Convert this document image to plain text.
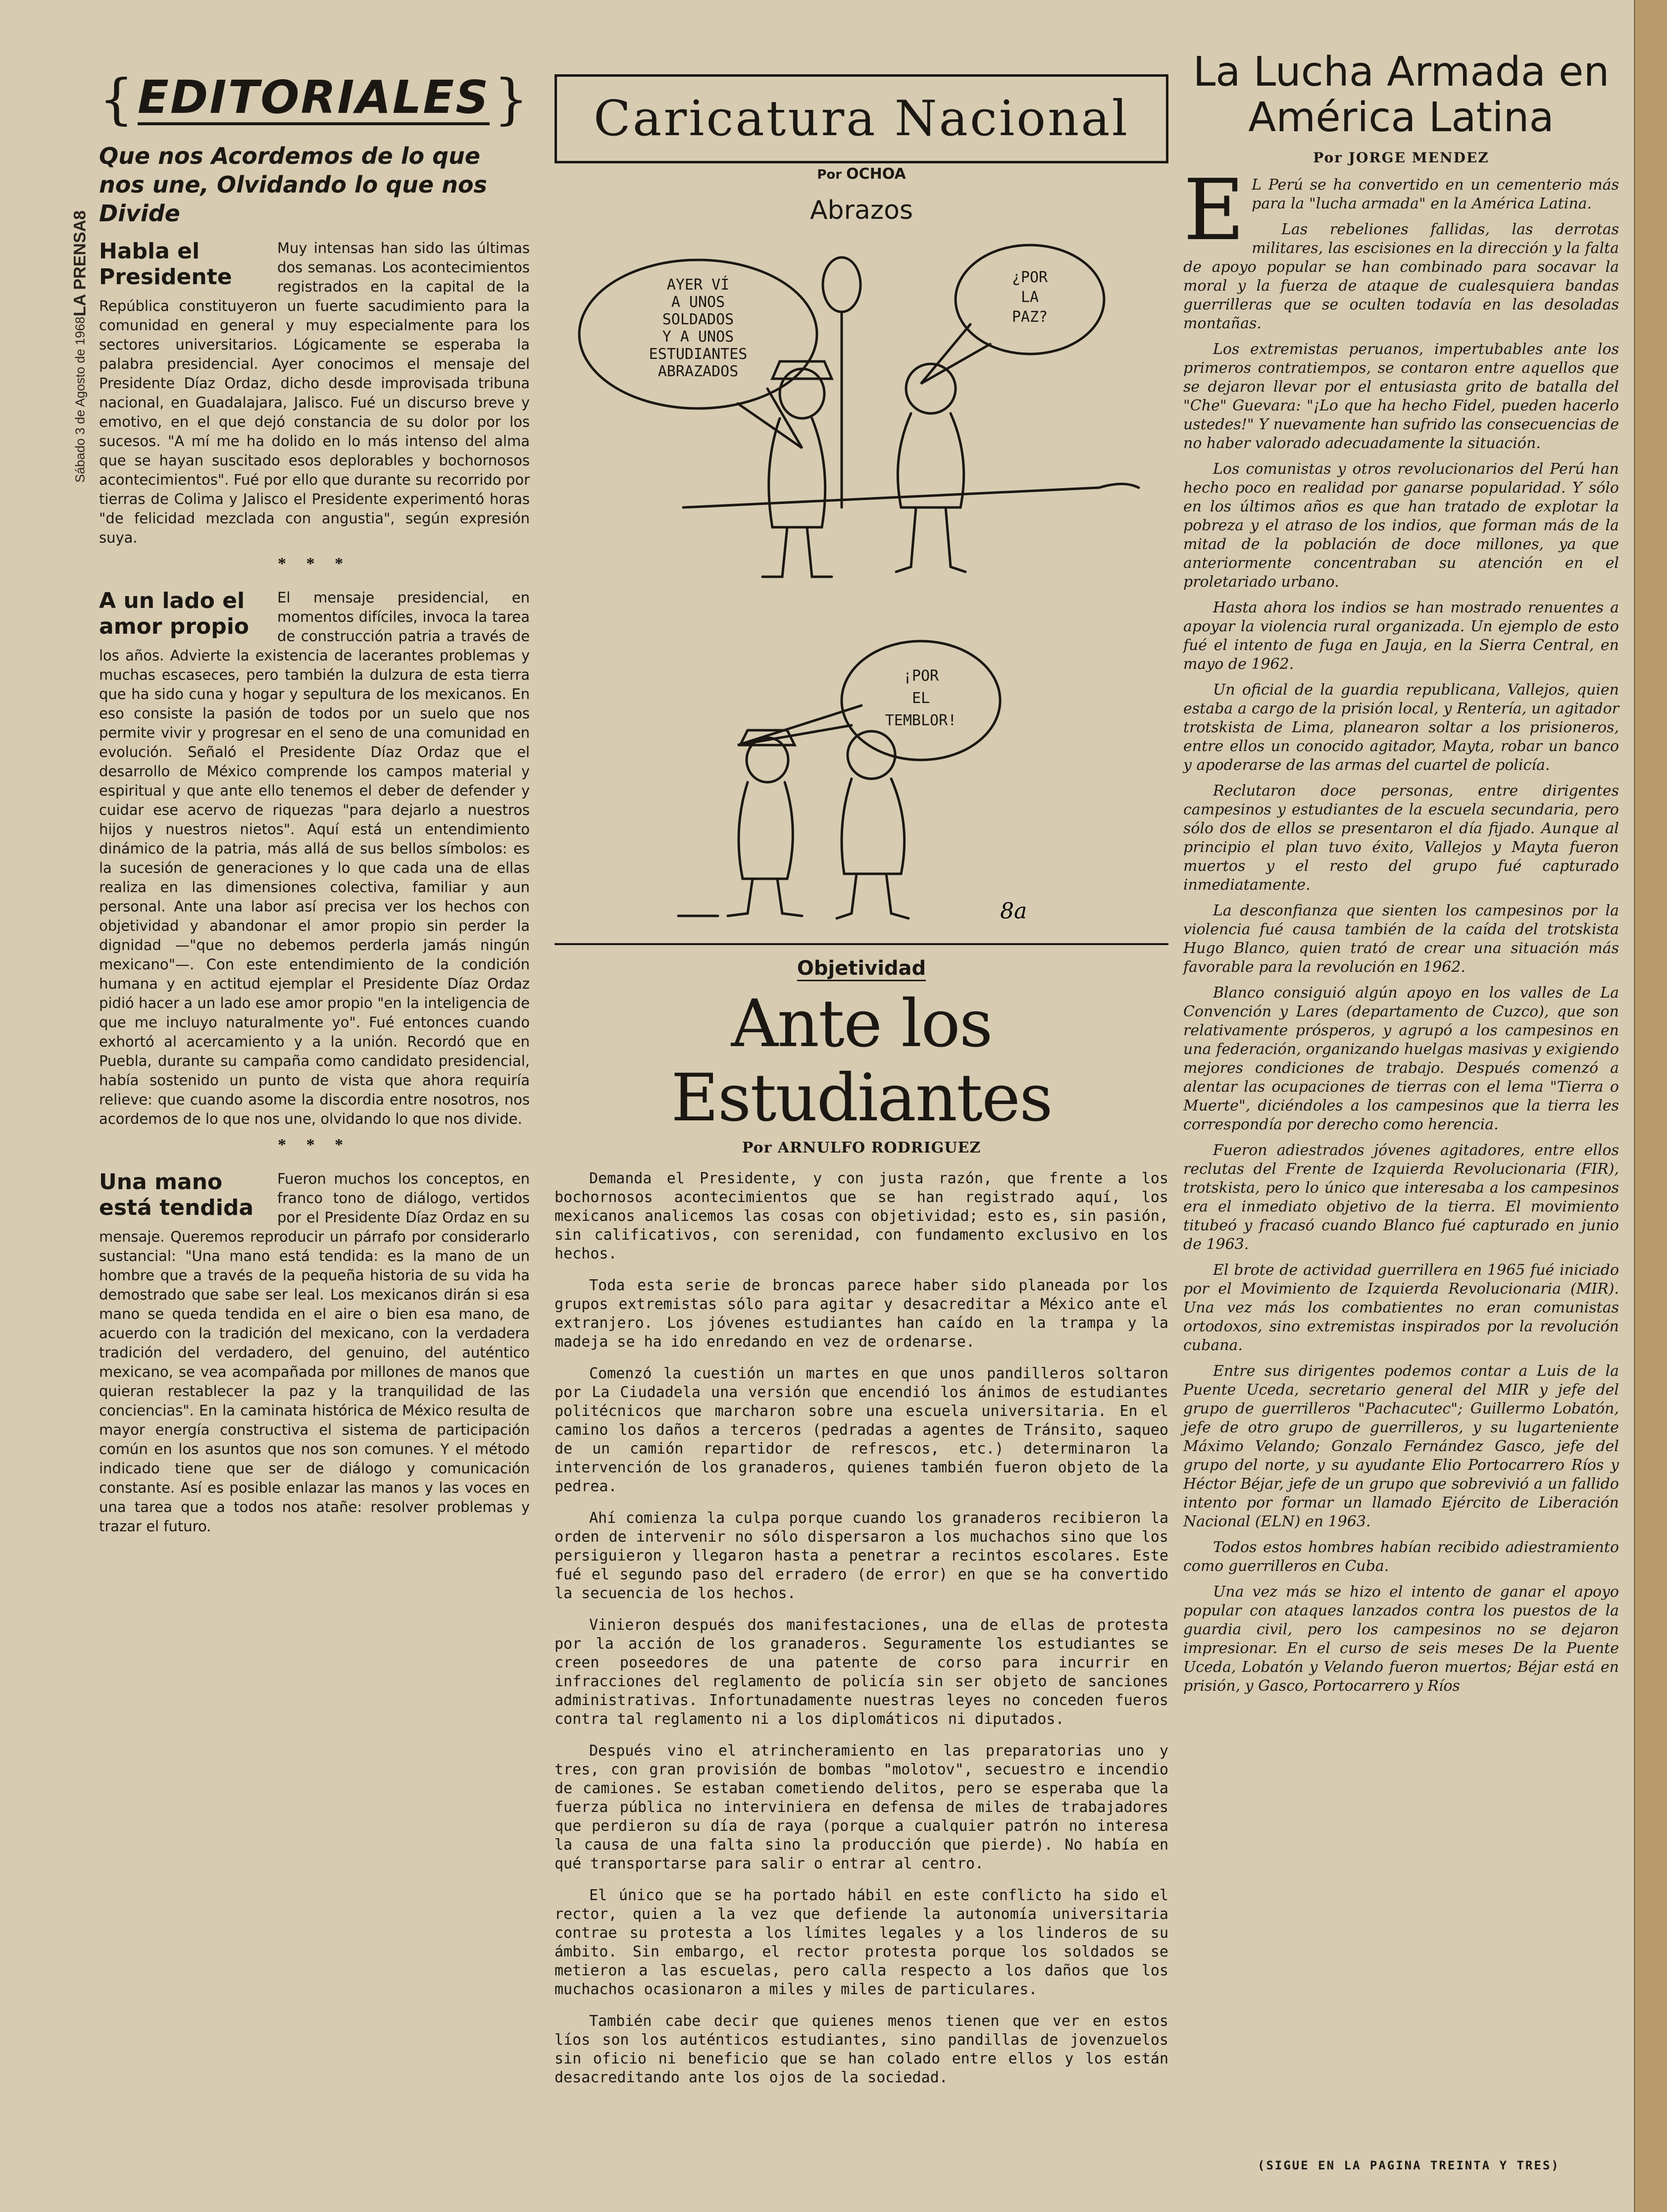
Sábado 3 de Agosto de 1968
LA PRENSA
8
{ EDITORIALES }
Que nos Acordemos de lo que nos une, Olvidando lo que nos Divide
Habla el
Presidente

Muy intensas han sido las últimas dos semanas. Los acontecimientos registrados en la capital de la República constituyeron un fuerte sacudimiento para la comunidad en general y muy especialmente para los sectores universitarios. Lógicamente se esperaba la palabra presidencial. Ayer conocimos el mensaje del Presidente Díaz Ordaz, dicho desde improvisada tribuna nacional, en Guadalajara, Jalisco. Fué un discurso breve y emotivo, en el que dejó constancia de su dolor por los sucesos. "A mí me ha dolido en lo más intenso del alma que se hayan suscitado esos deplorables y bochornosos acontecimientos". Fué por ello que durante su recorrido por tierras de Colima y Jalisco el Presidente experimentó horas "de felicidad mezclada con angustia", según expresión suya.

* * *
A un lado el
amor propio

El mensaje presidencial, en momentos difíciles, invoca la tarea de construcción patria a través de los años. Advierte la existencia de lacerantes problemas y muchas escaseces, pero también la dulzura de esta tierra que ha sido cuna y hogar y sepultura de los mexicanos. En eso consiste la pasión de todos por un suelo que nos permite vivir y progresar en el seno de una comunidad en evolución. Señaló el Presidente Díaz Ordaz que el desarrollo de México comprende los campos material y espiritual y que ante ello tenemos el deber de defender y cuidar ese acervo de riquezas "para dejarlo a nuestros hijos y nuestros nietos". Aquí está un entendimiento dinámico de la patria, más allá de sus bellos símbolos: es la sucesión de generaciones y lo que cada una de ellas realiza en las dimensiones colectiva, familiar y aun personal. Ante una labor así precisa ver los hechos con objetividad y abandonar el amor propio sin perder la dignidad —"que no debemos perderla jamás ningún mexicano"—. Con este entendimiento de la condición humana y en actitud ejemplar el Presidente Díaz Ordaz pidió hacer a un lado ese amor propio "en la inteligencia de que me incluyo naturalmente yo". Fué entonces cuando exhortó al acercamiento y a la unión. Recordó que en Puebla, durante su campaña como candidato presidencial, había sostenido un punto de vista que ahora requiría relieve: que cuando asome la discordia entre nosotros, nos acordemos de lo que nos une, olvidando lo que nos divide.

* * *
Una mano
está tendida

Fueron muchos los conceptos, en franco tono de diálogo, vertidos por el Presidente Díaz Ordaz en su mensaje. Queremos reproducir un párrafo por considerarlo sustancial: "Una mano está tendida: es la mano de un hombre que a través de la pequeña historia de su vida ha demostrado que sabe ser leal. Los mexicanos dirán si esa mano se queda tendida en el aire o bien esa mano, de acuerdo con la tradición del mexicano, con la verdadera tradición del verdadero, del genuino, del auténtico mexicano, se vea acompañada por millones de manos que quieran restablecer la paz y la tranquilidad de las conciencias". En la caminata histórica de México resulta de mayor energía constructiva el sistema de participación común en los asuntos que nos son comunes. Y el método indicado tiene que ser de diálogo y comunicación constante. Así es posible enlazar las manos y las voces en una tarea que a todos nos atañe: resolver problemas y trazar el futuro.

Caricatura Nacional
Por OCHOA
Abrazos
AYER VÍ
A UNOS
SOLDADOS
Y A UNOS
ESTUDIANTES
ABRAZADOS
¿POR
LA
PAZ?
¡POR
EL
TEMBLOR!
8a
Objetividad
Ante los Estudiantes
Por ARNULFO RODRIGUEZ

Demanda el Presidente, y con justa razón, que frente a los bochornosos acontecimientos que se han registrado aquí, los mexicanos analicemos las cosas con objetividad; esto es, sin pasión, sin calificativos, con serenidad, con fundamento exclusivo en los hechos.

Toda esta serie de broncas parece haber sido planeada por los grupos extremistas sólo para agitar y desacreditar a México ante el extranjero. Los jóvenes estudiantes han caído en la trampa y la madeja se ha ido enredando en vez de ordenarse.

Comenzó la cuestión un martes en que unos pandilleros soltaron por La Ciudadela una versión que encendió los ánimos de estudiantes politécnicos que marcharon sobre una escuela universitaria. En el camino los daños a terceros (pedradas a agentes de Tránsito, saqueo de un camión repartidor de refrescos, etc.) determinaron la intervención de los granaderos, quienes también fueron objeto de la pedrea.

Ahí comienza la culpa porque cuando los granaderos recibieron la orden de intervenir no sólo dispersaron a los muchachos sino que los persiguieron y llegaron hasta a penetrar a recintos escolares. Este fué el segundo paso del erradero (de error) en que se ha convertido la secuencia de los hechos.

Vinieron después dos manifestaciones, una de ellas de protesta por la acción de los granaderos. Seguramente los estudiantes se creen poseedores de una patente de corso para incurrir en infracciones del reglamento de policía sin ser objeto de sanciones administrativas. Infortunadamente nuestras leyes no conceden fueros contra tal reglamento ni a los diplomáticos ni diputados.

Después vino el atrincheramiento en las preparatorias uno y tres, con gran provisión de bombas "molotov", secuestro e incendio de camiones. Se estaban cometiendo delitos, pero se esperaba que la fuerza pública no interviniera en defensa de miles de trabajadores que perdieron su día de raya (porque a cualquier patrón no interesa la causa de una falta sino la producción que pierde). No había en qué transportarse para salir o entrar al centro.

El único que se ha portado hábil en este conflicto ha sido el rector, quien a la vez que defiende la autonomía universitaria contrae su protesta a los límites legales y a los linderos de su ámbito. Sin embargo, el rector protesta porque los soldados se metieron a las escuelas, pero calla respecto a los daños que los muchachos ocasionaron a miles y miles de particulares.

También cabe decir que quienes menos tienen que ver en estos líos son los auténticos estudiantes, sino pandillas de jovenzuelos sin oficio ni beneficio que se han colado entre ellos y los están desacreditando ante los ojos de la sociedad.

La Lucha Armada en América Latina
Por JORGE MENDEZ

E L Perú se ha convertido en un cementerio más para la "lucha armada" en la América Latina.

Las rebeliones fallidas, las derrotas militares, las escisiones en la dirección y la falta de apoyo popular se han combinado para socavar la moral y la fuerza de ataque de cualesquiera bandas guerrilleras que se oculten todavía en las desoladas montañas.

Los extremistas peruanos, impertubables ante los primeros contratiempos, se contaron entre aquellos que se dejaron llevar por el entusiasta grito de batalla del "Che" Guevara: "¡Lo que ha hecho Fidel, pueden hacerlo ustedes!" Y nuevamente han sufrido las consecuencias de no haber valorado adecuadamente la situación.

Los comunistas y otros revolucionarios del Perú han hecho poco en realidad por ganarse popularidad. Y sólo en los últimos años es que han tratado de explotar la pobreza y el atraso de los indios, que forman más de la mitad de la población de doce millones, ya que anteriormente concentraban su atención en el proletariado urbano.

Hasta ahora los indios se han mostrado renuentes a apoyar la violencia rural organizada. Un ejemplo de esto fué el intento de fuga en Jauja, en la Sierra Central, en mayo de 1962.

Un oficial de la guardia republicana, Vallejos, quien estaba a cargo de la prisión local, y Rentería, un agitador trotskista de Lima, planearon soltar a los prisioneros, entre ellos un conocido agitador, Mayta, robar un banco y apoderarse de las armas del cuartel de policía.

Reclutaron doce personas, entre dirigentes campesinos y estudiantes de la escuela secundaria, pero sólo dos de ellos se presentaron el día fijado. Aunque al principio el plan tuvo éxito, Vallejos y Mayta fueron muertos y el resto del grupo fué capturado inmediatamente.

La desconfianza que sienten los campesinos por la violencia fué causa también de la caída del trotskista Hugo Blanco, quien trató de crear una situación más favorable para la revolución en 1962.

Blanco consiguió algún apoyo en los valles de La Convención y Lares (departamento de Cuzco), que son relativamente prósperos, y agrupó a los campesinos en una federación, organizando huelgas masivas y exigiendo mejores condiciones de trabajo. Después comenzó a alentar las ocupaciones de tierras con el lema "Tierra o Muerte", diciéndoles a los campesinos que la tierra les correspondía por derecho como herencia.

Fueron adiestrados jóvenes agitadores, entre ellos reclutas del Frente de Izquierda Revolucionaria (FIR), trotskista, pero lo único que interesaba a los campesinos era el inmediato objetivo de la tierra. El movimiento titubeó y fracasó cuando Blanco fué capturado en junio de 1963.

El brote de actividad guerrillera en 1965 fué iniciado por el Movimiento de Izquierda Revolucionaria (MIR). Una vez más los combatientes no eran comunistas ortodoxos, sino extremistas inspirados por la revolución cubana.

Entre sus dirigentes podemos contar a Luis de la Puente Uceda, secretario general del MIR y jefe del grupo de guerrilleros "Pachacutec"; Guillermo Lobatón, jefe de otro grupo de guerrilleros, y su lugarteniente Máximo Velando; Gonzalo Fernández Gasco, jefe del grupo del norte, y su ayudante Elio Portocarrero Ríos y Héctor Béjar, jefe de un grupo que sobrevivió a un fallido intento por formar un llamado Ejército de Liberación Nacional (ELN) en 1963.

Todos estos hombres habían recibido adiestramiento como guerrilleros en Cuba.

Una vez más se hizo el intento de ganar el apoyo popular con ataques lanzados contra los puestos de la guardia civil, pero los campesinos no se dejaron impresionar. En el curso de seis meses De la Puente Uceda, Lobatón y Velando fueron muertos; Béjar está en prisión, y Gasco, Portocarrero y Ríos

(SIGUE EN LA PAGINA TREINTA Y TRES)
